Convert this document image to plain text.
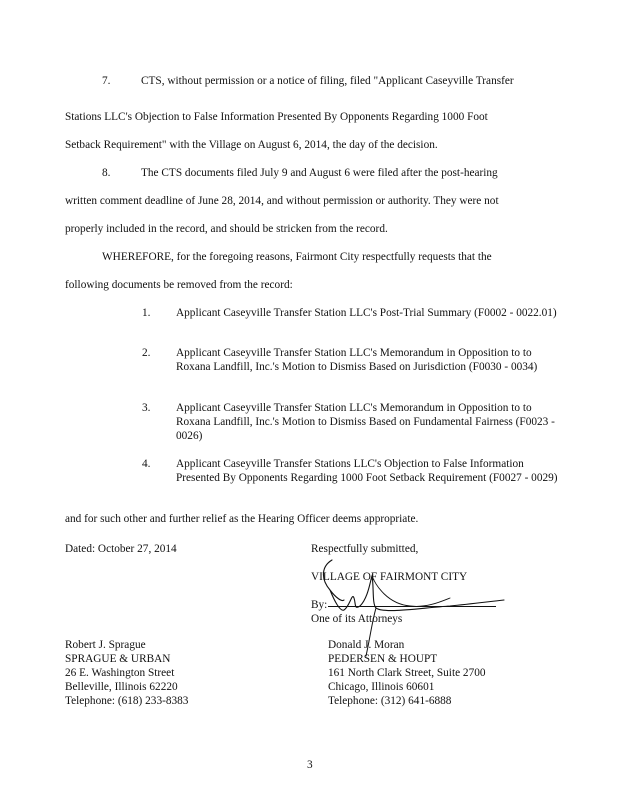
7.	CTS, without permission or a notice of filing, filed "Applicant Caseyville Transfer
Stations LLC's Objection to False Information Presented By Opponents Regarding 1000 Foot
Setback Requirement" with the Village on August 6, 2014, the day of the decision.
8.	The CTS documents filed July 9 and August 6 were filed after the post-hearing
written comment deadline of June 28, 2014, and without permission or authority. They were not
properly included in the record, and should be stricken from the record.
WHEREFORE, for the foregoing reasons, Fairmont City respectfully requests that the
following documents be removed from the record:
1. Applicant Caseyville Transfer Station LLC's Post-Trial Summary (F0002 - 0022.01)
2. Applicant Caseyville Transfer Station LLC's Memorandum in Opposition to to Roxana Landfill, Inc.'s Motion to Dismiss Based on Jurisdiction (F0030 - 0034)
3. Applicant Caseyville Transfer Station LLC's Memorandum in Opposition to to Roxana Landfill, Inc.'s Motion to Dismiss Based on Fundamental Fairness (F0023 - 0026)
4. Applicant Caseyville Transfer Stations LLC's Objection to False Information Presented By Opponents Regarding 1000 Foot Setback Requirement (F0027 - 0029)
and for such other and further relief as the Hearing Officer deems appropriate.
Dated: October 27, 2014	Respectfully submitted,
VILLAGE OF FAIRMONT CITY
By:
One of its Attorneys
Robert J. Sprague
SPRAGUE & URBAN
26 E. Washington Street
Belleville, Illinois 62220
Telephone: (618) 233-8383
Donald J. Moran
PEDERSEN & HOUPT
161 North Clark Street, Suite 2700
Chicago, Illinois 60601
Telephone: (312) 641-6888
3
